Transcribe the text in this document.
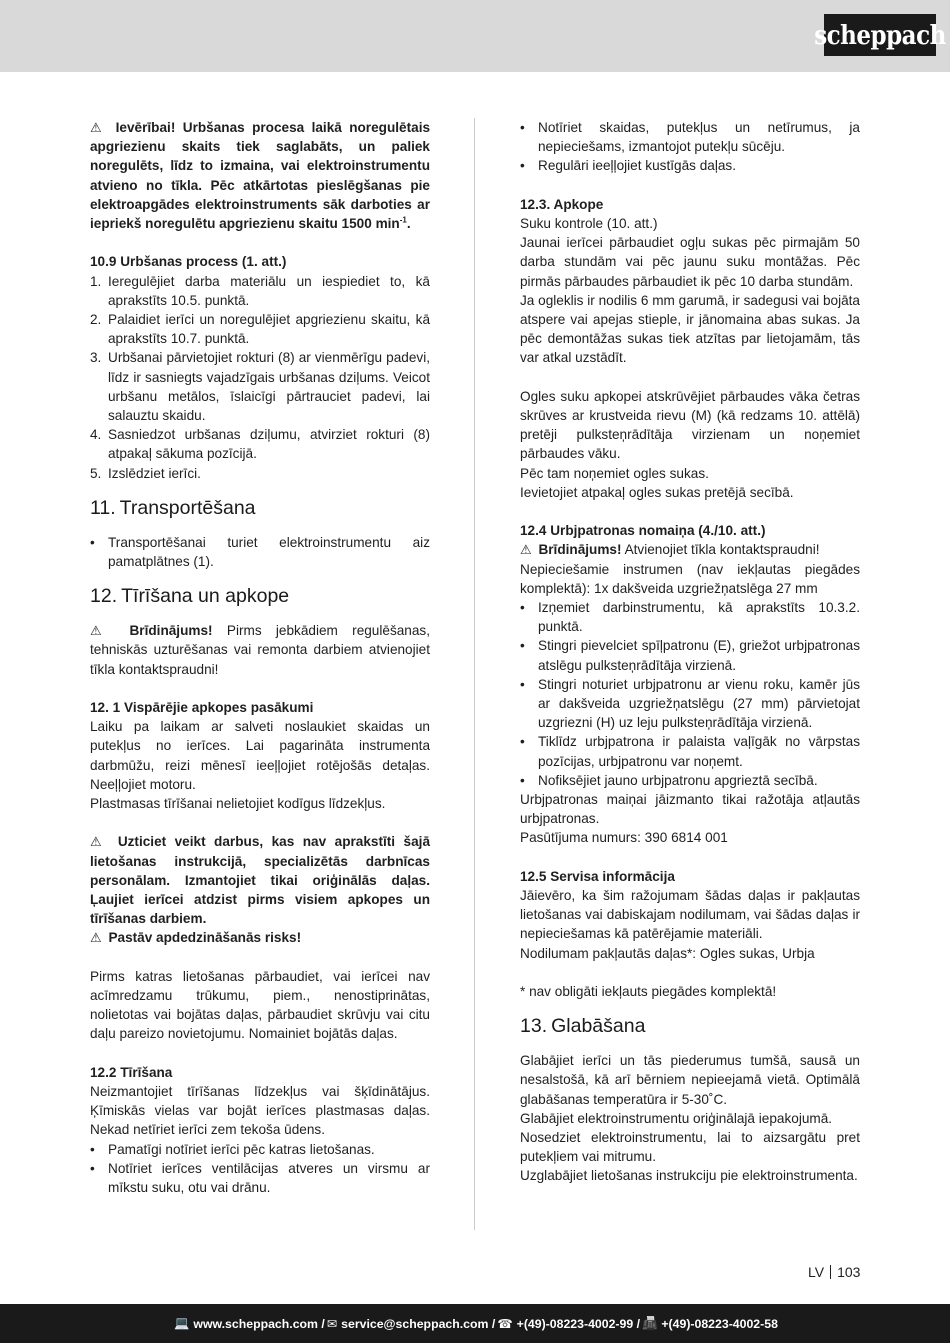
scheppach

⚠ Ievērībai! Urbšanas procesa laikā noregulētais apgriezienu skaits tiek saglabāts, un paliek noregulēts, līdz to izmaina, vai elektroinstrumentu atvieno no tīkla. Pēc atkārtotas pieslēgšanas pie elektroapgādes elektroinstruments sāk darboties ar iepriekš noregulētu apgriezienu skaitu 1500 $\min^{-1}$.

10.9 Urbšanas process (1. att.)

1. Ieregulējiet darba materiālu un iespiediet to, kā aprakstīts 10.5. punktā.
2. Palaidiet ierīci un noregulējiet apgriezienu skaitu, kā aprakstīts 10.7. punktā.
3. Urbšanai pārvietojiet rokturi (8) ar vienmērīgu padevi, līdz ir sasniegts vajadzīgais urbšanas dziļums. Veicot urbšanu metālos, īslaicīgi pārtrauciet padevi, lai salauztu skaidu.
4. Sasniedzot urbšanas dziļumu, atvirziet rokturi (8) atpakaļ sākuma pozīcijā.
5. Izslēdziet ierīci.

11. Transportēšana

• Transportēšanai turiet elektroinstrumentu aiz pamatplātnes (1).

12. Tīrīšana un apkope

⚠ Brīdinājums! Pirms jebkādiem regulēšanas, tehniskās uzturēšanas vai remonta darbiem atvienojiet tīkla kontaktspraudni!

12. 1 Vispārējie apkopes pasākumi

Laiku pa laikam ar salveti noslaukiet skaidas un putekļus no ierīces. Lai pagarināta instrumenta darbmūžu, reizi mēnesī ieeļļojiet rotējošās detaļas. Neeļļojiet motoru.

Plastmasas tīrīšanai nelietojiet kodīgus līdzekļus.

⚠ Uzticiet veikt darbus, kas nav aprakstīti šajā lietošanas instrukcijā, specializētās darbnīcas personālam. Izmantojiet tikai oriģinālās daļas. Ļaujiet ierīcei atdzist pirms visiem apkopes un tīrīšanas darbiem.

⚠ Pastāv apdedzināšanās risks!

Pirms katras lietošanas pārbaudiet, vai ierīcei nav acīmredzamu trūkumu, piem., nenostiprinātas, nolietotas vai bojātas daļas, pārbaudiet skrūvju vai citu daļu pareizo novietojumu. Nomainiet bojātās daļas.

12.2 Tīrīšana

Neizmantojiet tīrīšanas līdzekļus vai šķīdinātājus. Ķīmiskās vielas var bojāt ierīces plastmasas daļas. Nekad netīriet ierīci zem tekoša ūdens.

• Pamatīgi notīriet ierīci pēc katras lietošanas.
• Notīriet ierīces ventilācijas atveres un virsmu ar mīkstu suku, otu vai drānu.
• Notīriet skaidas, putekļus un netīrumus, ja nepieciešams, izmantojot putekļu sūcēju.
• Regulāri ieeļļojiet kustīgās daļas.

12.3. Apkope

Suku kontrole (10. att.)

Jaunai ierīcei pārbaudiet ogļu sukas pēc pirmajām 50 darba stundām vai pēc jaunu suku montāžas. Pēc pirmās pārbaudes pārbaudiet ik pēc 10 darba stundām.

Ja ogleklis ir nodilis 6 mm garumā, ir sadegusi vai bojāta atspere vai apejas stieple, ir jānomaina abas sukas. Ja pēc demontāžas sukas tiek atzītas par lietojamām, tās var atkal uzstādīt.

Ogles suku apkopei atskrūvējiet pārbaudes vāka četras skrūves ar krustveida rievu (M) (kā redzams 10. attēlā) pretēji pulksteņrādītāja virzienam un noņemiet pārbaudes vāku.

Pēc tam noņemiet ogles sukas.

Ievietojiet atpakaļ ogles sukas pretējā secībā.

12.4 Urbjpatronas nomaiņa (4./10. att.)

⚠ Brīdinājums! Atvienojiet tīkla kontaktspraudni!

Nepieciešamie instrumen (nav iekļautas piegādes komplektā): 1x dakšveida uzgriežņatslēga 27 mm

• Izņemiet darbinstrumentu, kā aprakstīts 10.3.2. punktā.
• Stingri pievelciet spīļpatronu (E), griežot urbjpatronas atslēgu pulksteņrādītāja virzienā.
• Stingri noturiet urbjpatronu ar vienu roku, kamēr jūs ar dakšveida uzgriežņatslēgu (27 mm) pārvietojat uzgriezni (H) uz leju pulksteņrādītāja virzienā.
• Tiklīdz urbjpatrona ir palaista vaļīgāk no vārpstas pozīcijas, urbjpatronu var noņemt.
• Nofiksējiet jauno urbjpatronu apgrieztā secībā.

Urbjpatronas maiņai jāizmanto tikai ražotāja atļautās urbjpatronas.

Pasūtījuma numurs: 390 6814 001

12.5 Servisa informācija

Jāievēro, ka šim ražojumam šādas daļas ir pakļautas lietošanas vai dabiskajam nodilumam, vai šādas daļas ir nepieciešamas kā patērējamie materiāli.

Nodilumam pakļautās daļas*: Ogles sukas, Urbja

* nav obligāti iekļauts piegādes komplektā!

13. Glabāšana

Glabājiet ierīci un tās piederumus tumšā, sausā un nesalstošā, kā arī bērniem nepieejamā vietā. Optimālā glabāšanas temperatūra ir 5-30˚C.

Glabājiet elektroinstrumentu oriģinālajā iepakojumā.

Nosedziet elektroinstrumentu, lai to aizsargātu pret putekļiem vai mitrumu.

Uzglabājiet lietošanas instrukciju pie elektroinstrumenta.

LV 103
💻 www.scheppach.com / ✉ service@scheppach.com / ☎ +(49)-08223-4002-99 / 📠 +(49)-08223-4002-58
